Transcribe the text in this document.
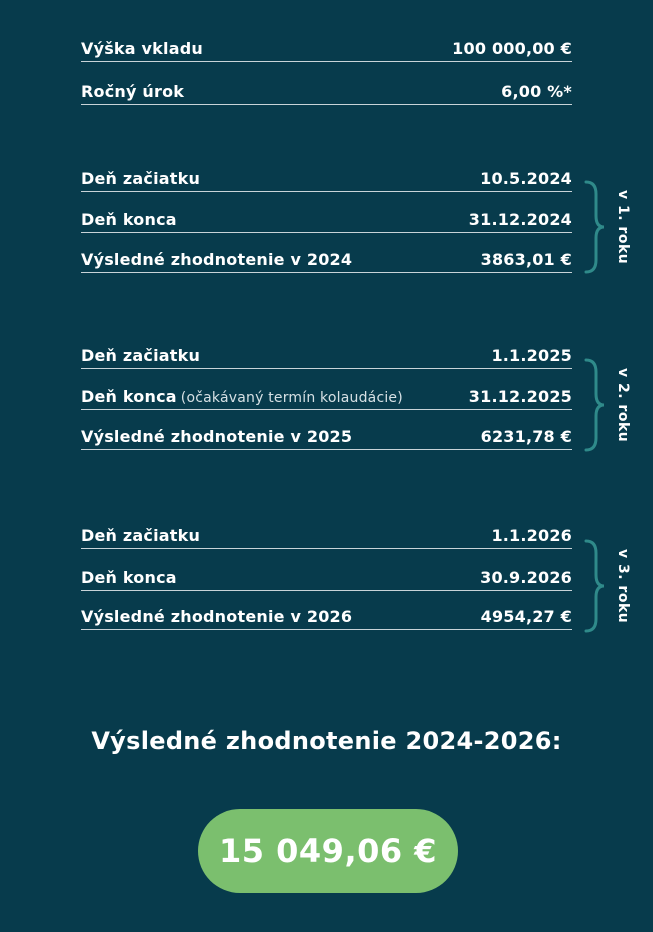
Výška vkladu	100 000,00 €
Ročný úrok	6,00 %*
Deň začiatku	10.5.2024
Deň konca	31.12.2024
Výsledné zhodnotenie v 2024	3863,01 €	v 1. roku
Deň začiatku	1.1.2025
Deň konca (očakávaný termín kolaudácie)	31.12.2025
Výsledné zhodnotenie v 2025	6231,78 €	v 2. roku
Deň začiatku	1.1.2026
Deň konca	30.9.2026
Výsledné zhodnotenie v 2026	4954,27 €	v 3. roku
Výsledné zhodnotenie 2024-2026:
15 049,06 €
